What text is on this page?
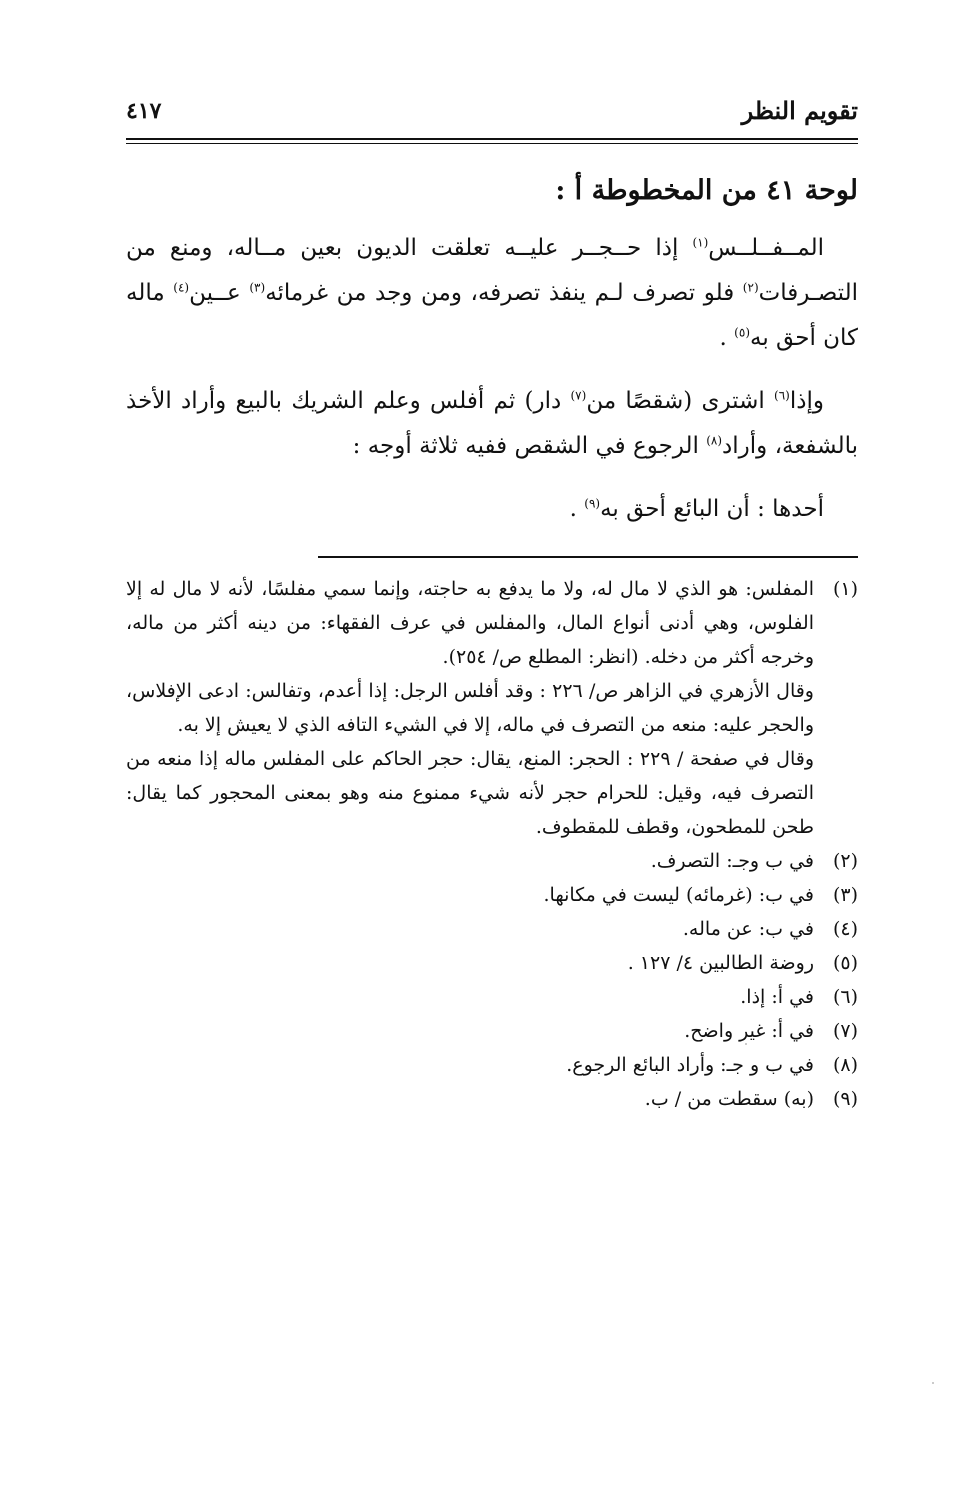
تقويم النظر
٤١٧
لوحة ٤١ من المخطوطة أ :

المــفــلــس$^{(١)}$ إذا حــجــر عليــه تعلقت الديون بعين مــاله، ومنع من التصـرفات$^{(٢)}$ فلو تصرف لـم ينفذ تصرفه، ومن وجد من غرمائه$^{(٣)}$ عــين$^{(٤)}$ ماله كان أحق به$^{(٥)}$ .

وإذا$^{(٦)}$ اشترى (شقصًا من$^{(٧)}$ دار) ثم أفلس وعلم الشريك بالبيع وأراد الأخذ بالشفعة، وأراد$^{(٨)}$ الرجوع في الشقص ففيه ثلاثة أوجه :

أحدها : أن البائع أحق به$^{(٩)}$ .

(١)
المفلس: هو الذي لا مال له، ولا ما يدفع به حاجته، وإنما سمي مفلسًا، لأنه لا مال له إلا الفلوس، وهي أدنى أنواع المال، والمفلس في عرف الفقهاء: من دينه أكثر من ماله، وخرجه أكثر من دخله. (انظر: المطلع ص/ ٢٥٤).
وقال الأزهري في الزاهر ص/ ٢٢٦ : وقد أفلس الرجل: إذا أعدم، وتفالس: ادعى الإفلاس، والحجر عليه: منعه من التصرف في ماله، إلا في الشيء التافه الذي لا يعيش إلا به.
وقال في صفحة / ٢٢٩ : الحجر: المنع، يقال: حجر الحاكم على المفلس ماله إذا منعه من التصرف فيه، وقيل: للحرام حجر لأنه شيء ممنوع منه وهو بمعنى المحجور كما يقال: طحن للمطحون، وقطف للمقطوف.
(٢)
في ب وجـ: التصرف.
(٣)
في ب: (غرمائه) ليست في مكانها.
(٤)
في ب: عن ماله.
(٥)
روضة الطالبين ٤/ ١٢٧ .
(٦)
في أ: إذا.
(٧)
في أ: غير واضح.
(٨)
في ب و جـ: وأراد البائع الرجوع.
(٩)
(به) سقطت من / ب.
